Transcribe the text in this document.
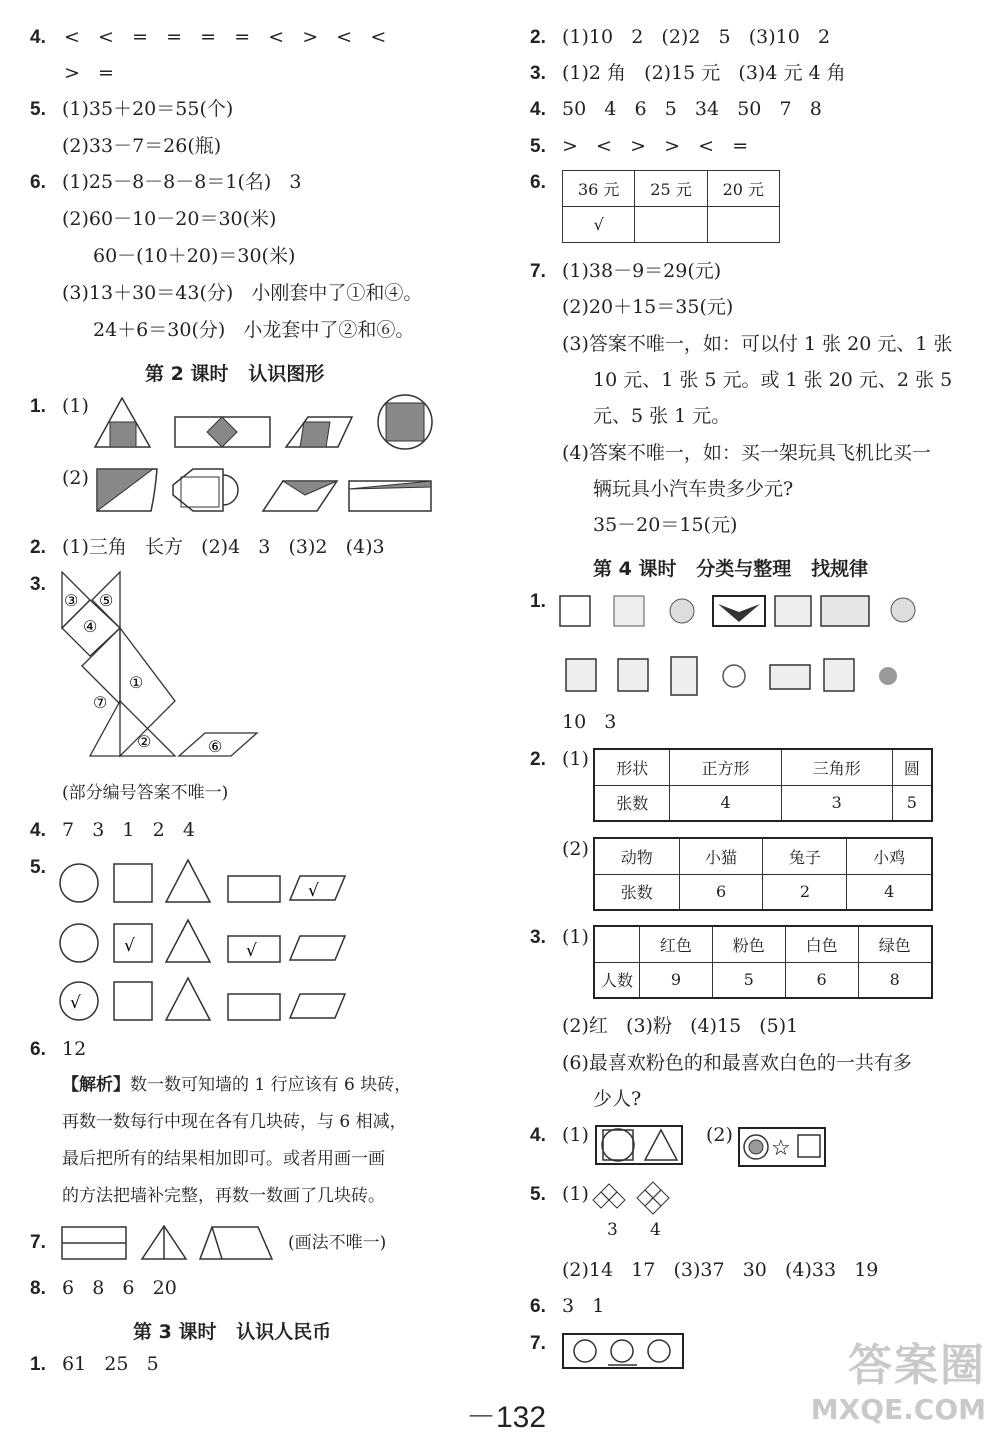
4. <   <   =   =   =   =   <   >   <   <
>   =
5. (1)35＋20＝55(个)
(2)33－7＝26(瓶)
6. (1)25－8－8－8＝1(名)   3
(2)60－10－20＝30(米)
60－(10＋20)＝30(米)
(3)13＋30＝43(分)   小刚套中了①和④。
24＋6＝30(分)   小龙套中了②和⑥。
第 2 课时   认识图形
1. (1)
(2)
2. (1)三角   长方   (2)4   3   (3)2   (4)3
3.
③ ⑤
④
①
⑦
②	⑥
(部分编号答案不唯一)
4. 7   3   1   2   4
5.
√
√	√
√
6. 12
【解析】数一数可知墙的 1 行应该有 6 块砖，
再数一数每行中现在各有几块砖，与 6 相减，
最后把所有的结果相加即可。或者用画一画
的方法把墙补完整，再数一数画了几块砖。
7.	(画法不唯一)
8. 6   8   6   20
第 3 课时   认识人民币
1. 61   25   5
2. (1)10   2   (2)2   5   (3)10   2
3. (1)2 角   (2)15 元   (3)4 元 4 角
4. 50   4   6   5   34   50   7   8
5. >   <   >   >   <   =
6. 36 元	25 元	20 元
√		
7. (1)38－9＝29(元)
(2)20＋15＝35(元)
(3)答案不唯一，如：可以付 1 张 20 元、1 张
10 元、1 张 5 元。或 1 张 20 元、2 张 5
元、5 张 1 元。
(4)答案不唯一，如：买一架玩具飞机比买一
辆玩具小汽车贵多少元?
35－20＝15(元)
第 4 课时   分类与整理   找规律
1.
10   3
2. (1) 形状	正方形	三角形	圆
张数	4	3	5
(2) 动物	小猫	兔子	小鸡
张数	6	2	4
3. (1)
		红色	粉色	白色	绿色
人数	9	5	6	8
(2)红   (3)粉   (4)15   (5)1
(6)最喜欢粉色的和最喜欢白色的一共有多
少人?
4. (1)	(2)
☆
5. (1)
3 4
(2)14   17   (3)37   30   (4)33   19
6. 3   1
7.
－132
答案圈
MXQE.COM
